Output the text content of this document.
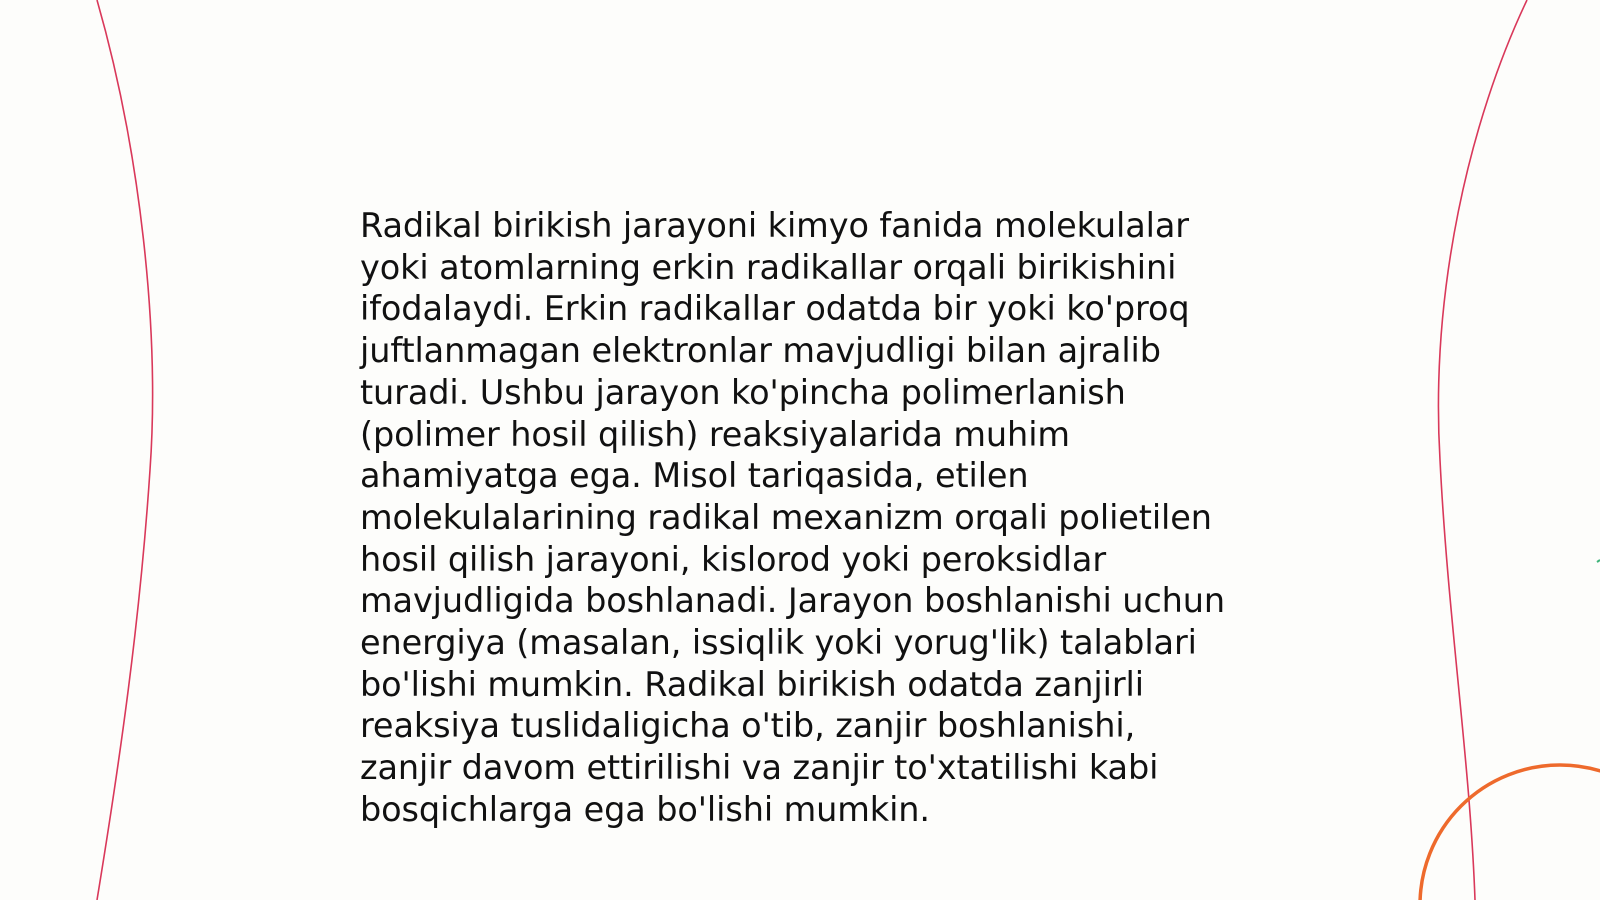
Radikal birikish jarayoni kimyo fanida molekulalar yoki atomlarning erkin radikallar orqali birikishini ifodalaydi. Erkin radikallar odatda bir yoki ko'proq juftlanmagan elektronlar mavjudligi bilan ajralib turadi. Ushbu jarayon ko'pincha polimerlanish (polimer hosil qilish) reaksiyalarida muhim ahamiyatga ega. Misol tariqasida, etilen molekulalarining radikal mexanizm orqali polietilen hosil qilish jarayoni, kislorod yoki peroksidlar mavjudligida boshlanadi. Jarayon boshlanishi uchun energiya (masalan, issiqlik yoki yorug'lik) talablari bo'lishi mumkin. Radikal birikish odatda zanjirli reaksiya tuslidaligicha o'tib, zanjir boshlanishi, zanjir davom ettirilishi va zanjir to'xtatilishi kabi bosqichlarga ega bo'lishi mumkin.
